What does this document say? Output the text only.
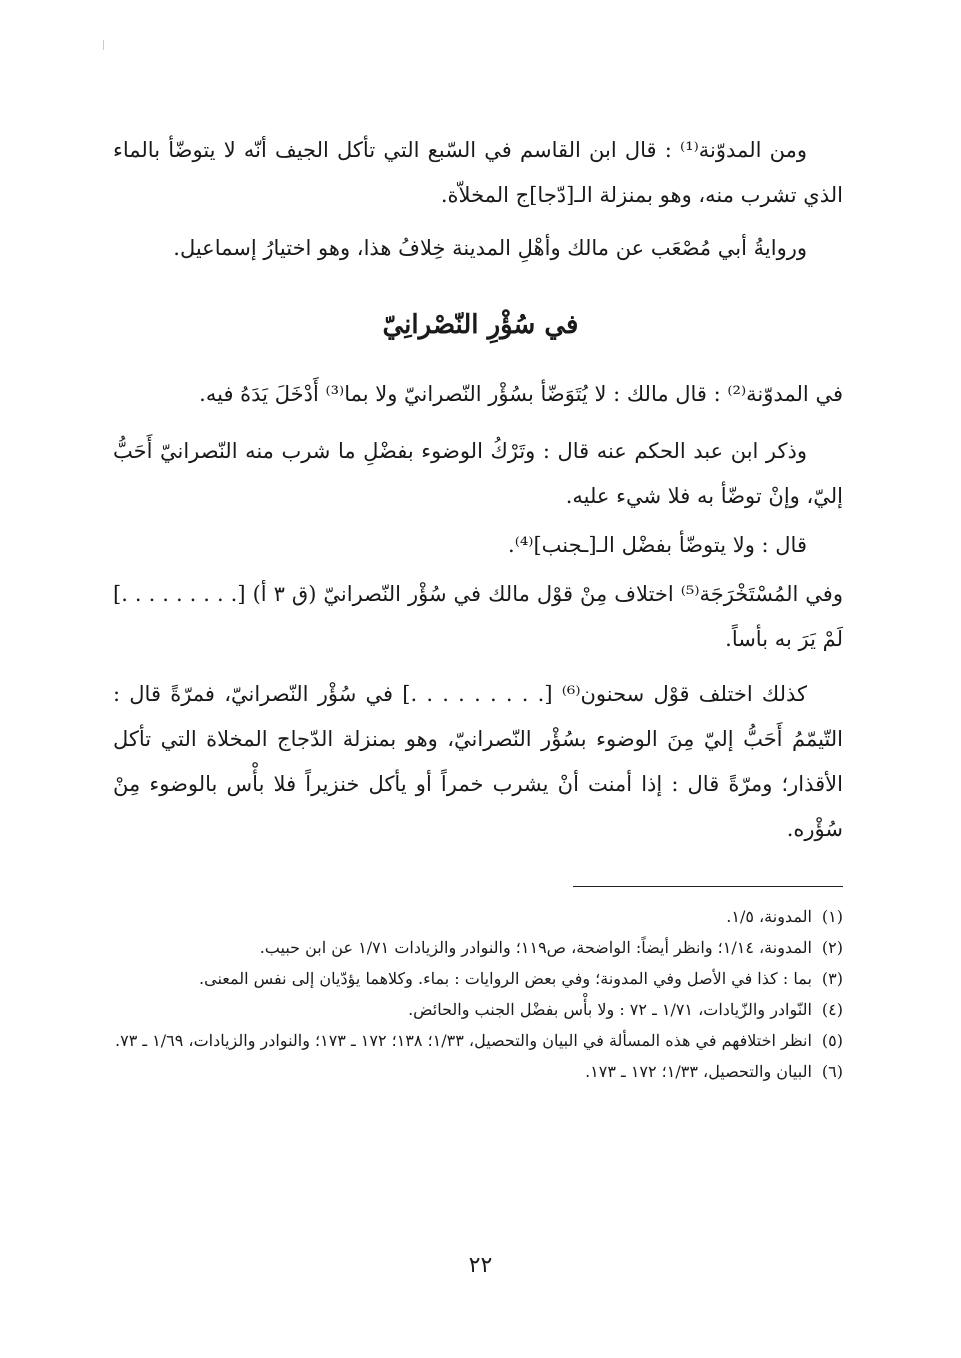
ومن المدوّنة⁽¹⁾ : قال ابن القاسم في السّبع التي تأكل الجيف أنّه لا يتوضّأ بالماء الذي تشرب منه، وهو بمنزلة الـ[دّجا]ج المخلاّة.

وروايةُ أبي مُصْعَب عن مالك وأهْلِ المدينة خِلافُ هذا، وهو اختيارُ إسماعيل.

في سُؤْرِ النّصْرانِيّ

في المدوّنة⁽²⁾ : قال مالك : لا يُتَوَضّأ بسُؤْر النّصرانيّ ولا بما⁽³⁾ أَدْخَلَ يَدَهُ فيه.

وذكر ابن عبد الحكم عنه قال : وتَرْكُ الوضوء بفضْلِ ما شرب منه النّصرانيّ أَحَبُّ إليّ، وإنْ توضّأ به فلا شيء عليه.

قال : ولا يتوضّأ بفضْل الـ[ـجنب]⁽⁴⁾.

وفي المُسْتَخْرَجَة⁽⁵⁾ اختلاف مِنْ قوْل مالك في سُؤْر النّصرانيّ (ق ٣ أ) [. . . . . . . . .] لَمْ يَرَ به بأساً.

كذلك اختلف قوْل سحنون⁽⁶⁾ [. . . . . . . . .] في سُؤْر النّصرانيّ، فمرّةً قال : التّيمّمُ أَحَبُّ إليّ مِنَ الوضوء بسُؤْر النّصرانيّ، وهو بمنزلة الدّجاج المخلاة التي تأكل الأقذار؛ ومرّةً قال : إذا أمنت أنْ يشرب خمراً أو يأكل خنزيراً فلا بأْس بالوضوء مِنْ سُؤْره.

(١)
المدونة، ١/٥.
(٢)
المدونة، ١/١٤؛ وانظر أيضاً: الواضحة، ص١١٩؛ والنوادر والزيادات ١/٧١ عن ابن حبيب.
(٣)
بما : كذا في الأصل وفي المدونة؛ وفي بعض الروايات : بماء. وكلاهما يؤدّيان إلى نفس المعنى.
(٤)
النّوادر والزّيادات، ١/٧١ ـ ٧٢ : ولا بأْس بفضْل الجنب والحائض.
(٥)
انظر اختلافهم في هذه المسألة في البيان والتحصيل، ١/٣٣؛ ١٣٨؛ ١٧٢ ـ ١٧٣؛ والنوادر والزيادات، ١/٦٩ ـ ٧٣.
(٦)
البيان والتحصيل، ١/٣٣؛ ١٧٢ ـ ١٧٣.
٢٢
